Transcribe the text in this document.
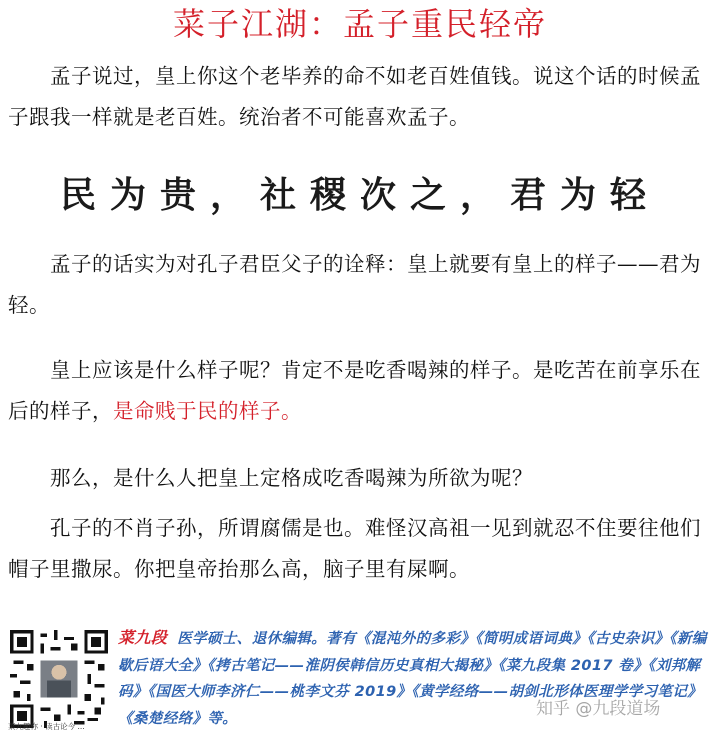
菜子江湖：孟子重民轻帝

孟子说过，皇上你这个老毕养的命不如老百姓值钱。说这个话的时候孟子跟我一样就是老百姓。统治者不可能喜欢孟子。

民为贵，社稷次之，君为轻

孟子的话实为对孔子君臣父子的诠释：皇上就要有皇上的样子——君为轻。

皇上应该是什么样子呢？肯定不是吃香喝辣的样子。是吃苦在前享乐在后的样子，是命贱于民的样子。

那么，是什么人把皇上定格成吃香喝辣为所欲为呢？

孔子的不肖子孙，所谓腐儒是也。难怪汉高祖一见到就忍不住要往他们帽子里撒尿。你把皇帝抬那么高，脑子里有屎啊。

菜九趣你 · 读古论今 ...
菜九段 医学硕士、退休编辑。著有《混沌外的多彩》《简明成语词典》《古史杂识》《新编歇后语大全》《拷古笔记——淮阴侯韩信历史真相大揭秘》《菜九段集 2017 卷》《刘邦解码》《国医大师李济仁——桃李文芬 2019》《黄学经络——胡剑北形体医理学学习笔记》《桑楚经络》等。	知乎 @九段道场
